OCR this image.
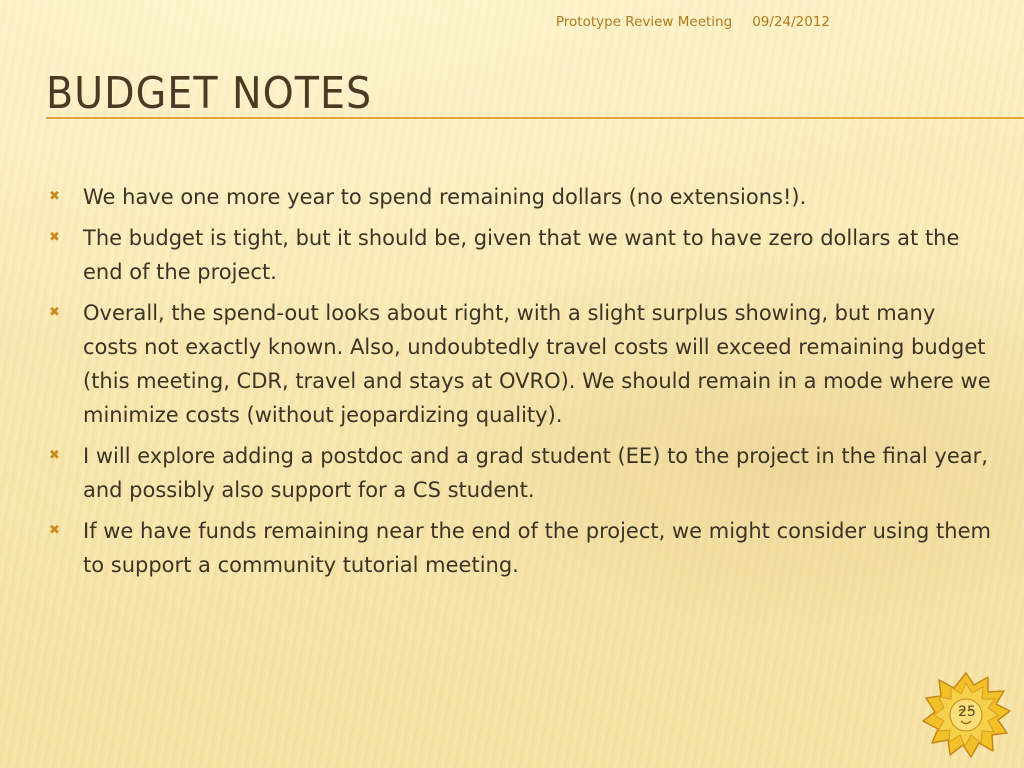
Prototype Review Meeting 09/24/2012
BUDGET NOTES
✖ We have one more year to spend remaining dollars (no extensions!).
✖ The budget is tight, but it should be, given that we want to have zero dollars at the end of the project.
✖ Overall, the spend-out looks about right, with a slight surplus showing, but many costs not exactly known. Also, undoubtedly travel costs will exceed remaining budget (this meeting, CDR, travel and stays at OVRO). We should remain in a mode where we minimize costs (without jeopardizing quality).
✖ I will explore adding a postdoc and a grad student (EE) to the project in the final year, and possibly also support for a CS student.
✖ If we have funds remaining near the end of the project, we might consider using them to support a community tutorial meeting.
25
